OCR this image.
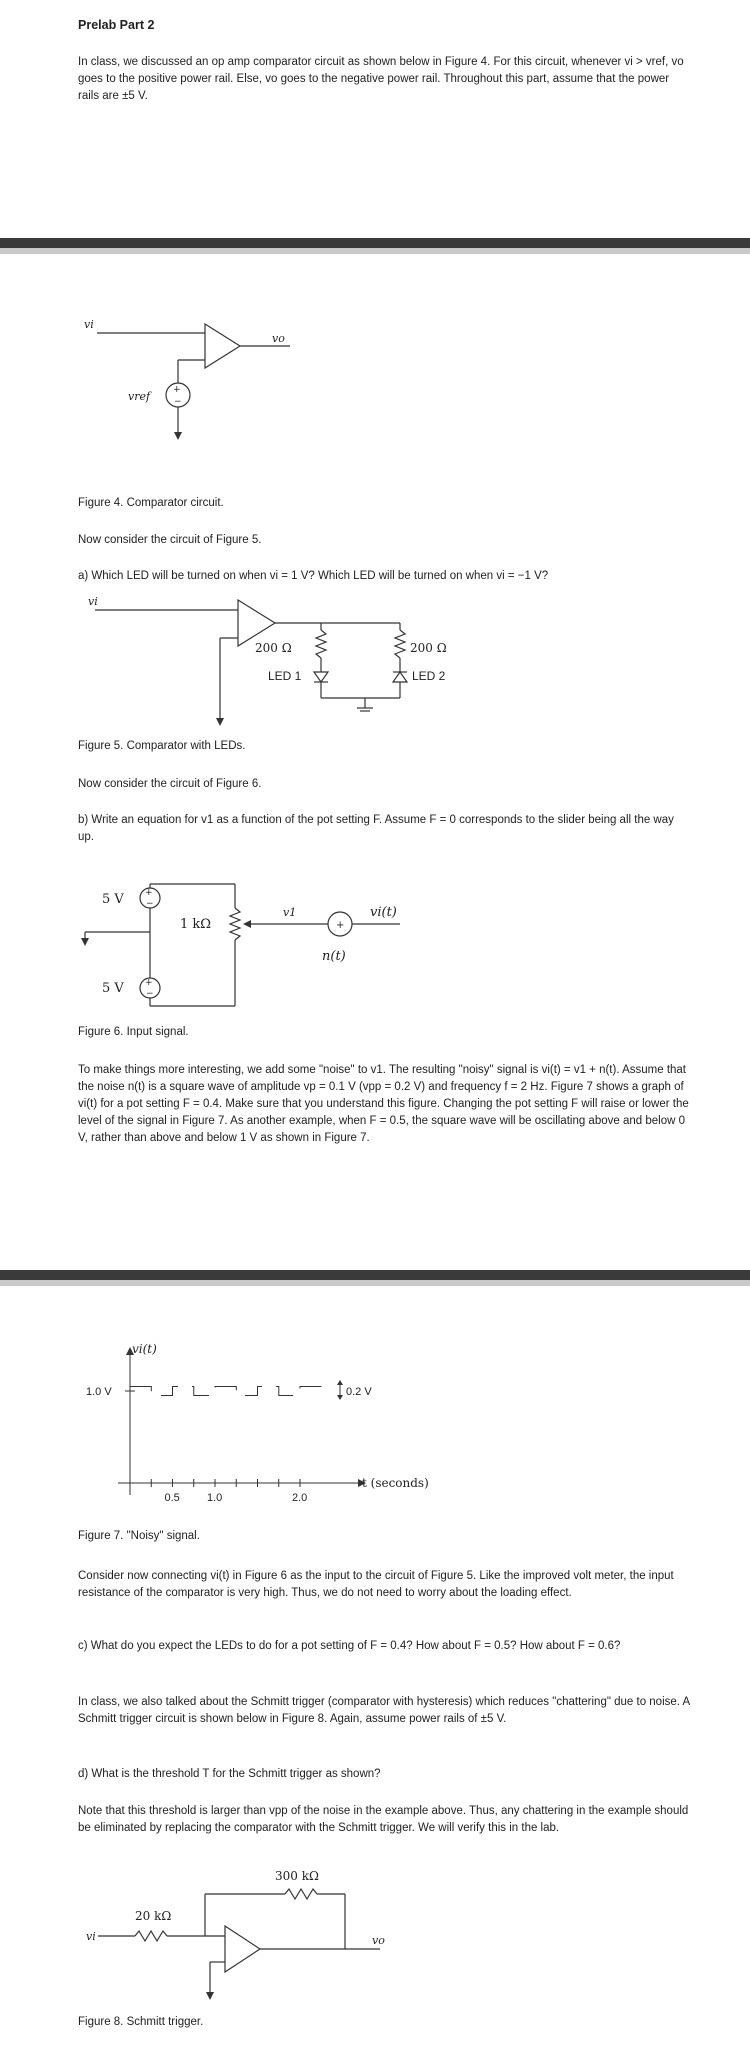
Prelab Part 2

In class, we discussed an op amp comparator circuit as shown below in Figure 4. For this circuit, whenever vi > vref, vo goes to the positive power rail. Else, vo goes to the negative power rail. Throughout this part, assume that the power rails are ±5 V.

+
−
vi
vo
vref

Figure 4. Comparator circuit.

Now consider the circuit of Figure 5.

a) Which LED will be turned on when vi = 1 V? Which LED will be turned on when vi = −1 V?

vi
200 Ω	200 Ω
LED 1	LED 2

Figure 5. Comparator with LEDs.

Now consider the circuit of Figure 6.

b) Write an equation for v1 as a function of the pot setting F. Assume F = 0 corresponds to the slider being all the way up.

+
−
+
−
+
5 V
5 V
1 kΩ
v1	vi(t)
n(t)

Figure 6. Input signal.

To make things more interesting, we add some "noise" to v1. The resulting "noisy" signal is vi(t) = v1 + n(t). Assume that the noise n(t) is a square wave of amplitude vp = 0.1 V (vpp = 0.2 V) and frequency f = 2 Hz. Figure 7 shows a graph of vi(t) for a pot setting F = 0.4. Make sure that you understand this figure. Changing the pot setting F will raise or lower the level of the signal in Figure 7. As another example, when F = 0.5, the square wave will be oscillating above and below 0 V, rather than above and below 1 V as shown in Figure 7.

0.5 1.0	2.0
vi(t)
1.0 V	0.2 V
t (seconds)

Figure 7. "Noisy" signal.

Consider now connecting vi(t) in Figure 6 as the input to the circuit of Figure 5. Like the improved volt meter, the input resistance of the comparator is very high. Thus, we do not need to worry about the loading effect.

c) What do you expect the LEDs to do for a pot setting of F = 0.4? How about F = 0.5? How about F = 0.6?

In class, we also talked about the Schmitt trigger (comparator with hysteresis) which reduces "chattering" due to noise. A Schmitt trigger circuit is shown below in Figure 8. Again, assume power rails of ±5 V.

d) What is the threshold T for the Schmitt trigger as shown?

Note that this threshold is larger than vpp of the noise in the example above. Thus, any chattering in the example should be eliminated by replacing the comparator with the Schmitt trigger. We will verify this in the lab.

300 kΩ
20 kΩ
vi	vo

Figure 8. Schmitt trigger.
